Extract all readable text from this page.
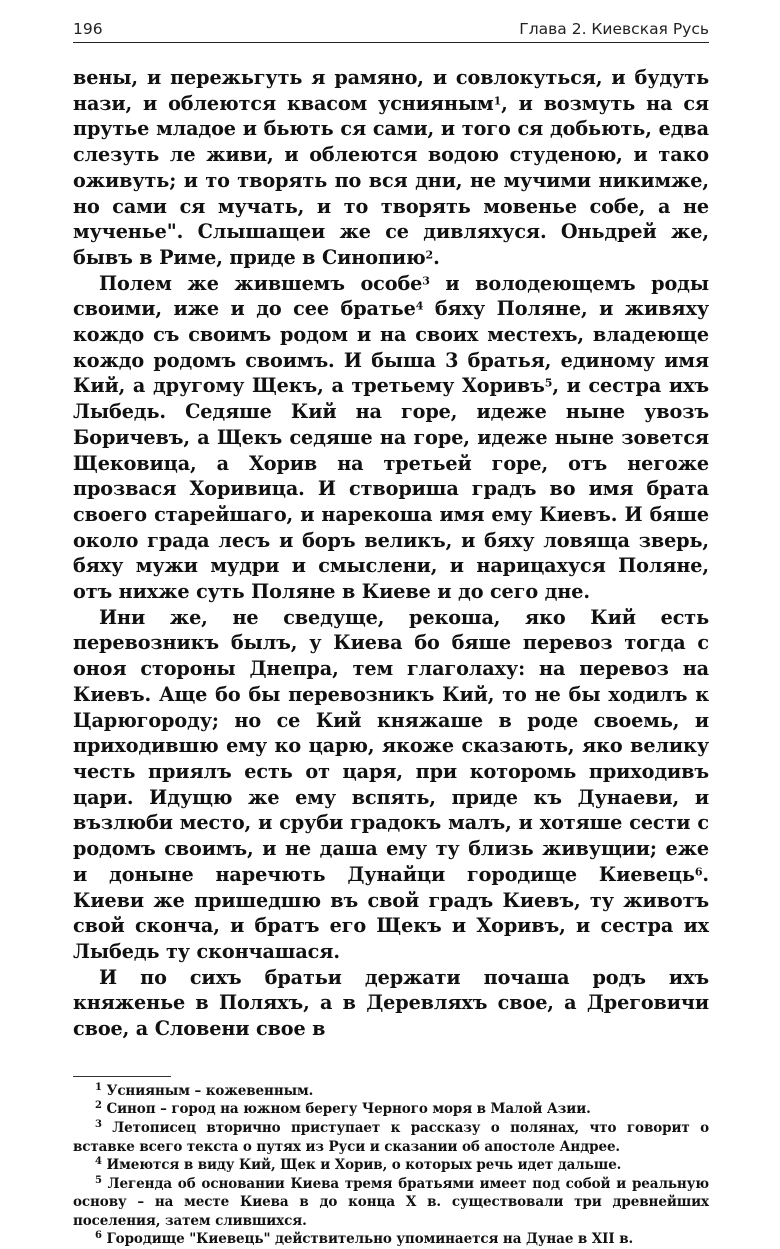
196	Глава 2. Киевская Русь

вены, и пережьгуть я рамяно, и совлокуться, и будуть нази, и облеются квасом уснияным$^1$, и возмуть на ся прутье младое и бьють ся сами, и того ся добьють, едва слезуть ле живи, и облеются водою студеною, и тако оживуть; и то творять по вся дни, не мучими никимже, но сами ся мучать, и то творять мовенье собе, а не мученье". Слышащеи же се дивляхуся. Оньдрей же, бывъ в Риме, приде в Синопию$^2$.

Полем же жившемъ особе$^3$ и володеющемъ роды своими, иже и до сее братье$^4$ бяху Поляне, и живяху кождо съ своимъ родом и на своих местехъ, владеюще кождо родомъ своимъ. И быша 3 братья, единому имя Кий, а другому Щекъ, а третьему Хоривъ$^5$, и сестра ихъ Лыбедь. Седяше Кий на горе, идеже ныне увозъ Боричевъ, а Щекъ седяше на горе, идеже ныне зовется Щековица, а Хорив на третьей горе, отъ негоже прозвася Хоривица. И створиша градъ во имя брата своего старейшаго, и нарекоша имя ему Киевъ. И бяше около града лесъ и боръ великъ, и бяху ловяща зверь, бяху мужи мудри и смыслени, и нарицахуся Поляне, отъ нихже суть Поляне в Киеве и до сего дне.

Ини же, не сведуще, рекоша, яко Кий есть перевозникъ былъ, у Киева бо бяше перевоз тогда с оноя стороны Днепра, тем глаголаху: на перевоз на Киевъ. Аще бо бы перевозникъ Кий, то не бы ходилъ к Царюгороду; но се Кий княжаше в роде своемь, и приходившю ему ко царю, якоже сказають, яко велику честь приялъ есть от царя, при которомь приходивъ цари. Идущю же ему вспять, приде къ Дунаеви, и възлюби место, и сруби градокъ малъ, и хотяше сести с родомъ своимъ, и не даша ему ту близь живущии; еже и доныне наречють Дунайци городище Киевець$^6$. Киеви же пришедшю въ свой градъ Киевъ, ту животъ свой сконча, и братъ его Щекъ и Хоривъ, и сестра их Лыбедь ту скончашася.

И по сихъ братьи держати почаша родъ ихъ княженье в Поляхъ, а в Деревляхъ свое, а Дреговичи свое, а Словени свое в

$^1$ Уснияным – кожевенным.

$^2$ Синоп – город на южном берегу Черного моря в Малой Азии.

$^3$ Летописец вторично приступает к рассказу о полянах, что говорит о вставке всего текста о путях из Руси и сказании об апостоле Андрее.

$^4$ Имеются в виду Кий, Щек и Хорив, о которых речь идет дальше.

$^5$ Легенда об основании Киева тремя братьями имеет под собой и реальную основу – на месте Киева в до конца X в. существовали три древнейших поселения, затем слившихся.

$^6$ Городище "Киевець" действительно упоминается на Дунае в XII в.
